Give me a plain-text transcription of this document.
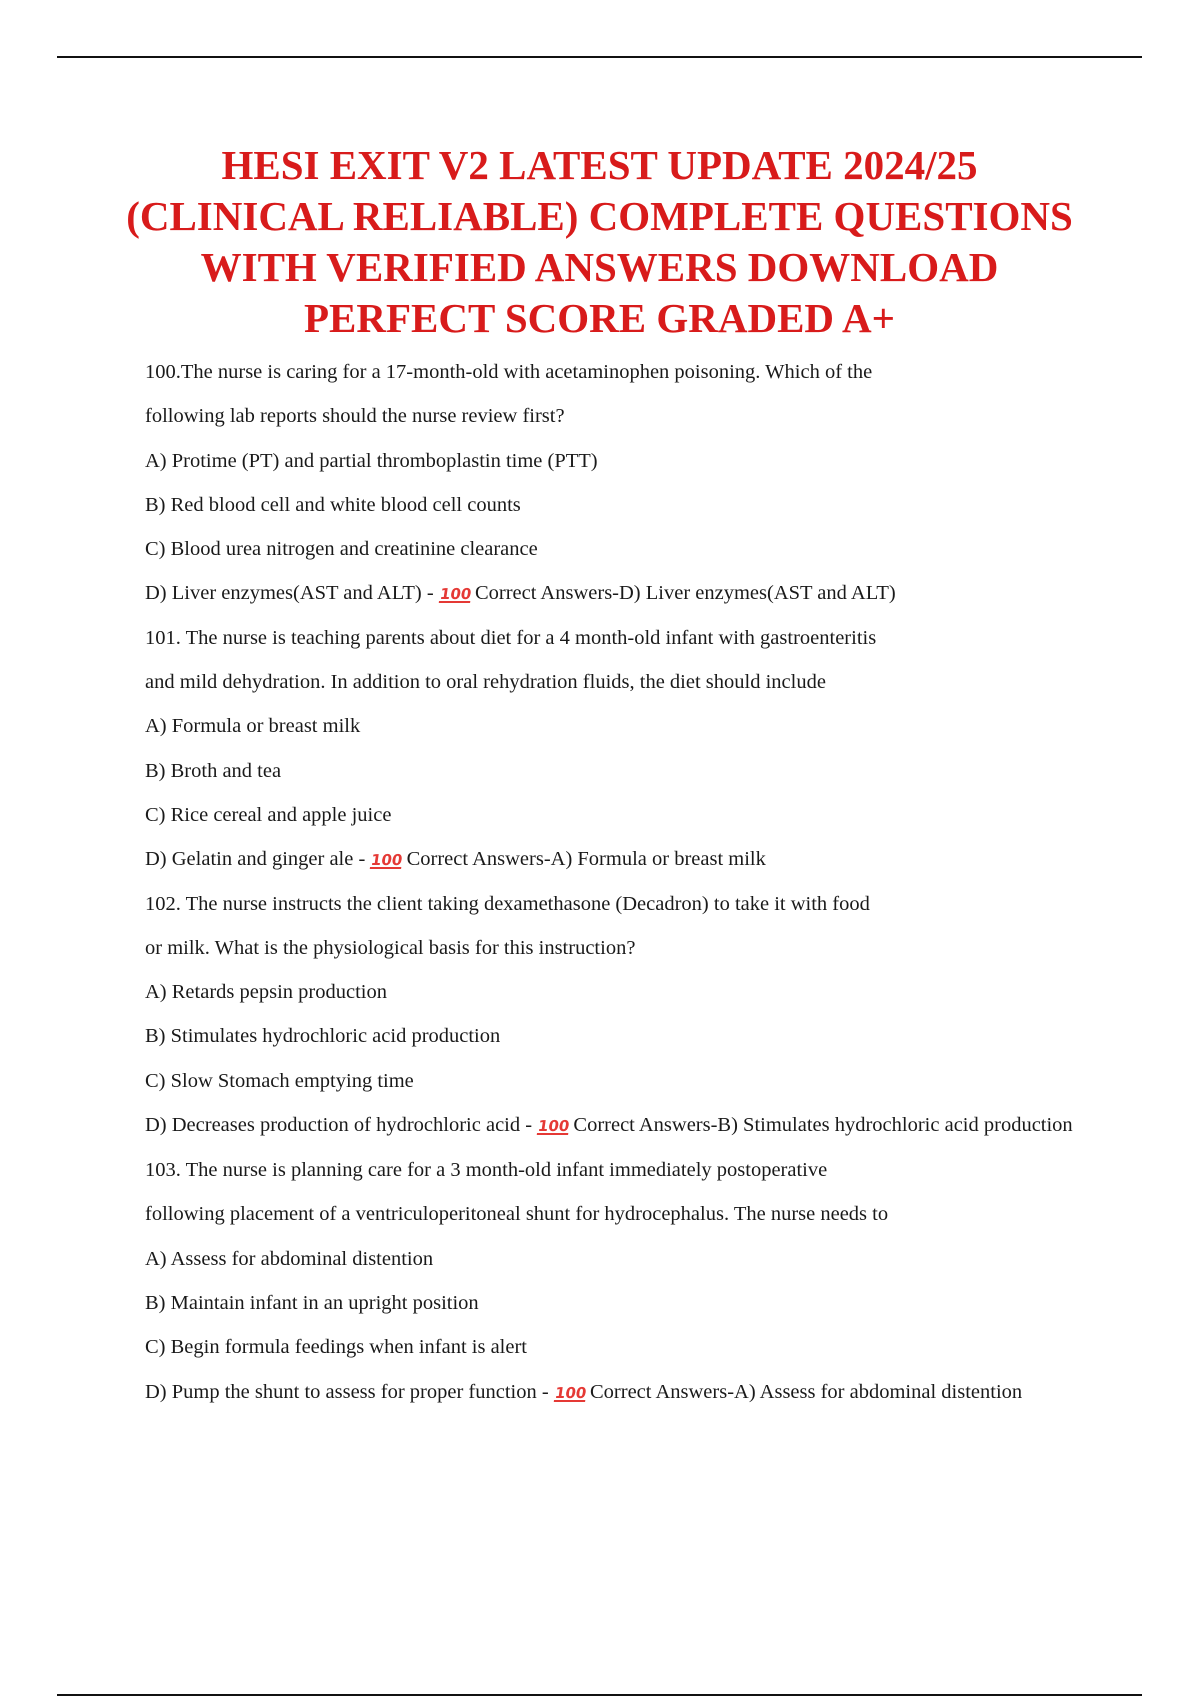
HESI EXIT V2 LATEST UPDATE 2024/25
(CLINICAL RELIABLE) COMPLETE QUESTIONS
WITH VERIFIED ANSWERS DOWNLOAD
PERFECT SCORE GRADED A+
100.The nurse is caring for a 17-month-old with acetaminophen poisoning. Which of the
following lab reports should the nurse review first?
A) Protime (PT) and partial thromboplastin time (PTT)
B) Red blood cell and white blood cell counts
C) Blood urea nitrogen and creatinine clearance
D) Liver enzymes(AST and ALT) - 100 Correct Answers-D) Liver enzymes(AST and ALT)
101. The nurse is teaching parents about diet for a 4 month-old infant with gastroenteritis
and mild dehydration. In addition to oral rehydration fluids, the diet should include
A) Formula or breast milk
B) Broth and tea
C) Rice cereal and apple juice
D) Gelatin and ginger ale - 100 Correct Answers-A) Formula or breast milk
102. The nurse instructs the client taking dexamethasone (Decadron) to take it with food
or milk. What is the physiological basis for this instruction?
A) Retards pepsin production
B) Stimulates hydrochloric acid production
C) Slow Stomach emptying time
D) Decreases production of hydrochloric acid - 100 Correct Answers-B) Stimulates hydrochloric acid production
103. The nurse is planning care for a 3 month-old infant immediately postoperative
following placement of a ventriculoperitoneal shunt for hydrocephalus. The nurse needs to
A) Assess for abdominal distention
B) Maintain infant in an upright position
C) Begin formula feedings when infant is alert
D) Pump the shunt to assess for proper function - 100 Correct Answers-A) Assess for abdominal distention
